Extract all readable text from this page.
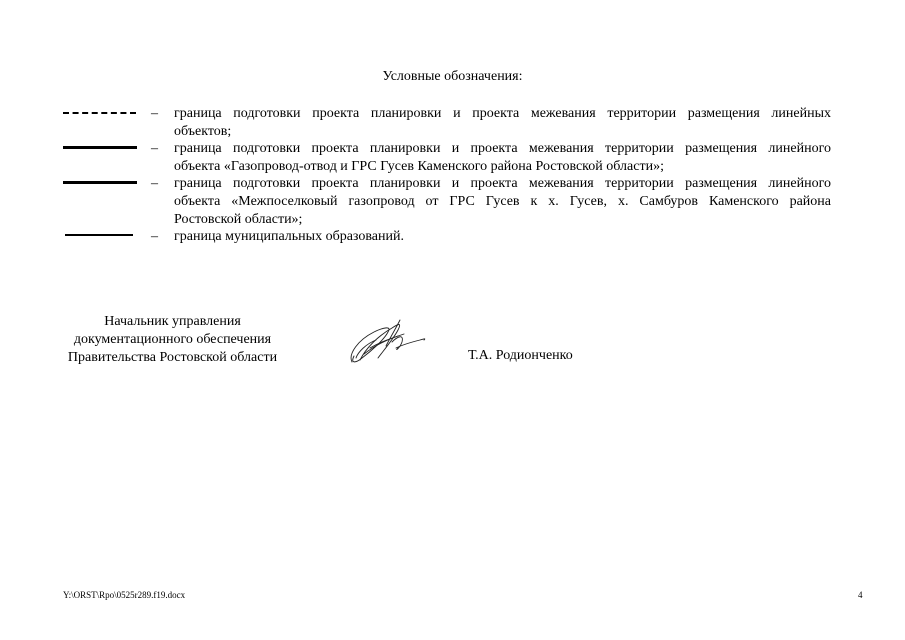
Условные обозначения:
– граница подготовки проекта планировки и проекта межевания территории размещения линейных
объектов;
– граница подготовки проекта планировки и проекта межевания территории размещения линейного
объекта «Газопровод-отвод и ГРС Гусев Каменского района Ростовской области»;
– граница подготовки проекта планировки и проекта межевания территории размещения линейного
объекта «Межпоселковый газопровод от ГРС Гусев к х. Гусев, х. Самбуров Каменского района
Ростовской области»;
– граница муниципальных образований.
Начальник управления
документационного обеспечения
Правительства Ростовской области	Т.А. Родионченко
Y:\ORST\Rpo\0525r289.f19.docx	4
